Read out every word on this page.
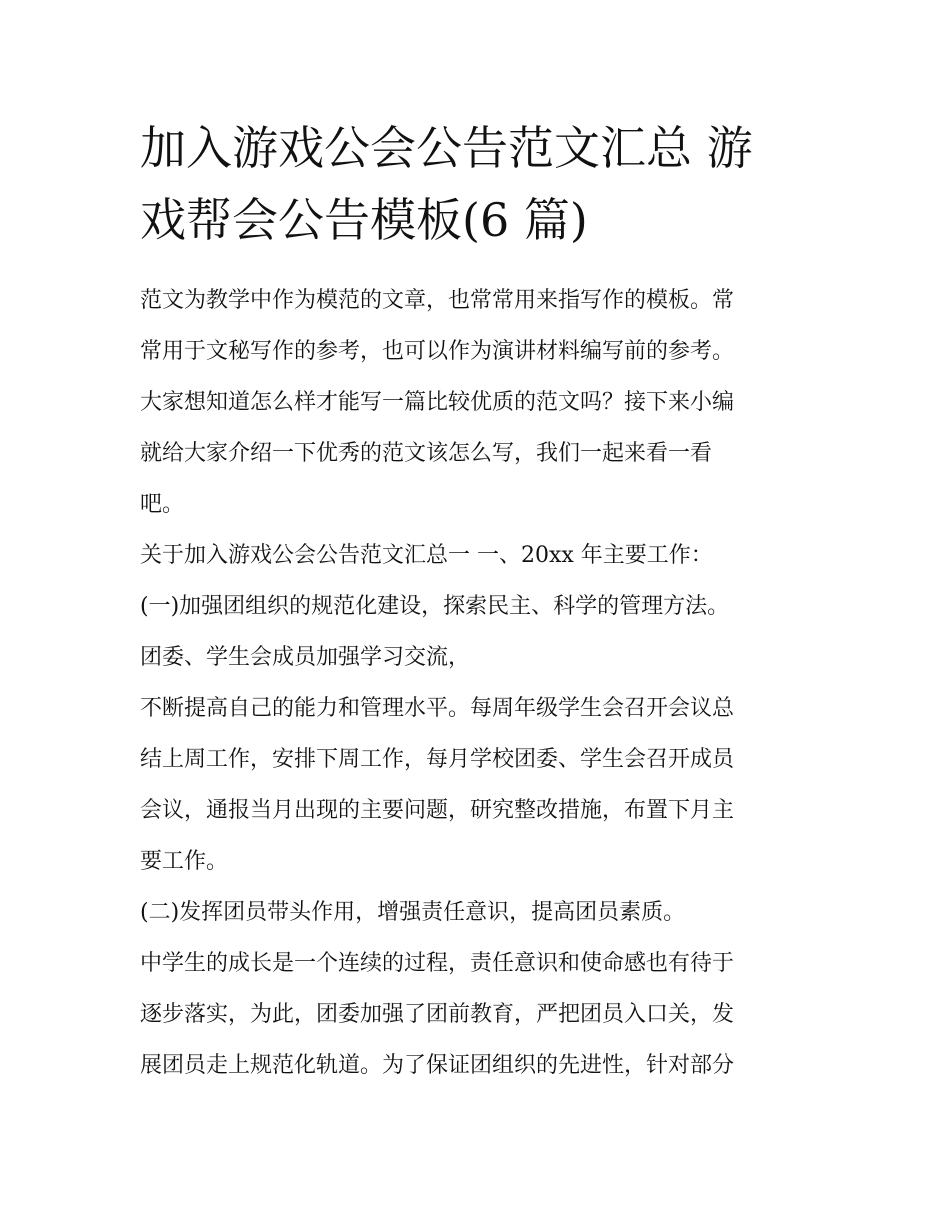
加入游戏公会公告范文汇总 游
戏帮会公告模板(6 篇)
范文为教学中作为模范的文章，也常常用来指写作的模板。常
常用于文秘写作的参考，也可以作为演讲材料编写前的参考。
大家想知道怎么样才能写一篇比较优质的范文吗？接下来小编
就给大家介绍一下优秀的范文该怎么写，我们一起来看一看
吧。
关于加入游戏公会公告范文汇总一 一、20xx 年主要工作：
(一)加强团组织的规范化建设，探索民主、科学的管理方法。
团委、学生会成员加强学习交流，
不断提高自己的能力和管理水平。每周年级学生会召开会议总
结上周工作，安排下周工作，每月学校团委、学生会召开成员
会议，通报当月出现的主要问题，研究整改措施，布置下月主
要工作。
(二)发挥团员带头作用，增强责任意识，提高团员素质。
中学生的成长是一个连续的过程，责任意识和使命感也有待于
逐步落实，为此，团委加强了团前教育，严把团员入口关，发
展团员走上规范化轨道。为了保证团组织的先进性，针对部分
